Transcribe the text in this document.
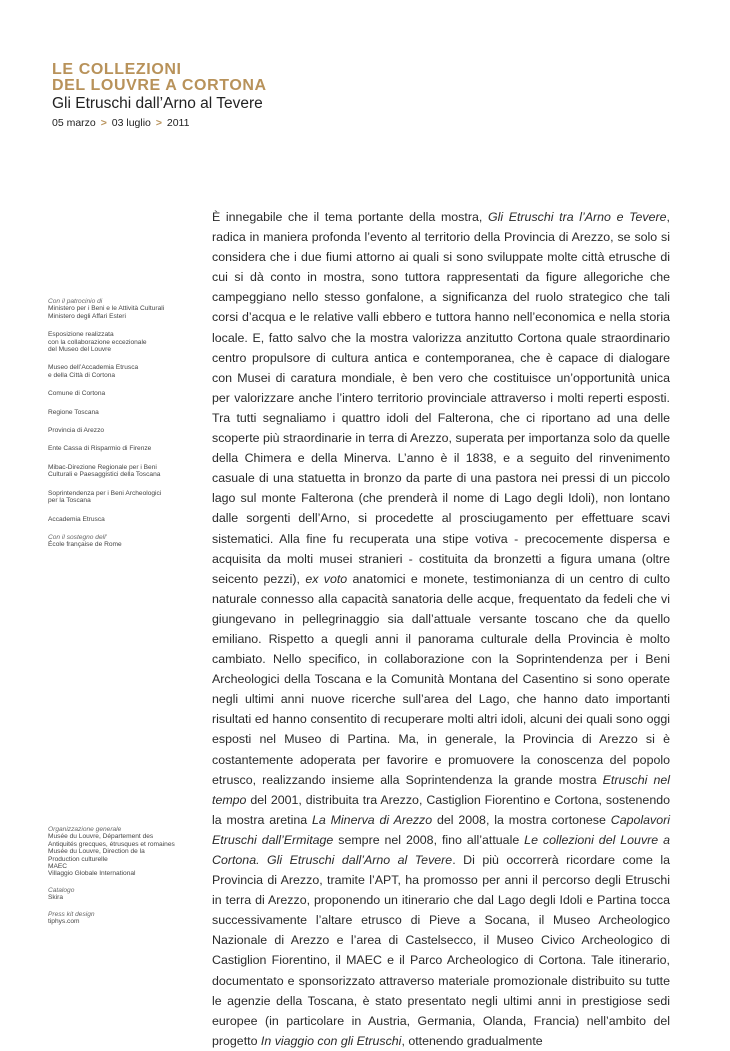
LE COLLEZIONI
DEL LOUVRE A CORTONA
Gli Etruschi dall’Arno al Tevere
05 marzo > 03 luglio > 2011
Con il patrocinio di
Ministero per i Beni e le Attività Culturali
Ministero degli Affari Esteri
Esposizione realizzata
con la collaborazione eccezionale
del Museo del Louvre
Museo dell’Accademia Etrusca
e della Città di Cortona
Comune di Cortona
Regione Toscana
Provincia di Arezzo
Ente Cassa di Risparmio di Firenze
Mibac-Direzione Regionale per i Beni
Culturali e Paesaggistici della Toscana
Soprintendenza per i Beni Archeologici
per la Toscana
Accademia Etrusca
Con il sostegno dell’
École française de Rome
Organizzazione generale
Musée du Louvre, Département des
Antiquités grecques, étrusques et romaines
Musée du Louvre, Direction de la
Production culturelle
MAEC
Villaggio Globale International
Catalogo
Skira
Press kit design
tiphys.com

È innegabile che il tema portante della mostra, Gli Etruschi tra l’Arno e Tevere, radica in maniera profonda l’evento al territorio della Provincia di Arezzo, se solo si considera che i due fiumi attorno ai quali si sono sviluppate molte città etrusche di cui si dà conto in mostra, sono tuttora rappresentati da figure allegoriche che campeggiano nello stesso gonfalone, a significanza del ruolo strategico che tali corsi d’acqua e le relative valli ebbero e tuttora hanno nell’economica e nella storia locale. E, fatto salvo che la mostra valorizza anzitutto Cortona quale straordinario centro propulsore di cultura antica e contemporanea, che è capace di dialogare con Musei di caratura mondiale, è ben vero che costituisce un’opportunità unica per valorizzare anche l’intero territorio provinciale attraverso i molti reperti esposti. Tra tutti segnaliamo i quattro idoli del Falterona, che ci riportano ad una delle scoperte più straordinarie in terra di Arezzo, superata per importanza solo da quelle della Chimera e della Minerva. L’anno è il 1838, e a seguito del rinvenimento casuale di una statuetta in bronzo da parte di una pastora nei pressi di un piccolo lago sul monte Falterona (che prenderà il nome di Lago degli Idoli), non lontano dalle sorgenti dell’Arno, si procedette al prosciugamento per effettuare scavi sistematici. Alla fine fu recuperata una stipe votiva - precocemente dispersa e acquisita da molti musei stranieri - costituita da bronzetti a figura umana (oltre seicento pezzi), ex voto anatomici e monete, testimonianza di un centro di culto naturale connesso alla capacità sanatoria delle acque, frequentato da fedeli che vi giungevano in pellegrinaggio sia dall’attuale versante toscano che da quello emiliano. Rispetto a quegli anni il panorama culturale della Provincia è molto cambiato. Nello specifico, in collaborazione con la Soprintendenza per i Beni Archeologici della Toscana e la Comunità Montana del Casentino si sono operate negli ultimi anni nuove ricerche sull’area del Lago, che hanno dato importanti risultati ed hanno consentito di recuperare molti altri idoli, alcuni dei quali sono oggi esposti nel Museo di Partina. Ma, in generale, la Provincia di Arezzo si è costantemente adoperata per favorire e promuovere la conoscenza del popolo etrusco, realizzando insieme alla Soprintendenza la grande mostra Etruschi nel tempo del 2001, distribuita tra Arezzo, Castiglion Fiorentino e Cortona, sostenendo la mostra aretina La Minerva di Arezzo del 2008, la mostra cortonese Capolavori Etruschi dall’Ermitage sempre nel 2008, fino all’attuale Le collezioni del Louvre a Cortona. Gli Etruschi dall’Arno al Tevere. Di più occorrerà ricordare come la Provincia di Arezzo, tramite l’APT, ha promosso per anni il percorso degli Etruschi in terra di Arezzo, proponendo un itinerario che dal Lago degli Idoli e Partina tocca successivamente l’altare etrusco di Pieve a Socana, il Museo Archeologico Nazionale di Arezzo e l’area di Castelsecco, il Museo Civico Archeologico di Castiglion Fiorentino, il MAEC e il Parco Archeologico di Cortona. Tale itinerario, documentato e sponsorizzato attraverso materiale promozionale distribuito su tutte le agenzie della Toscana, è stato presentato negli ultimi anni in prestigiose sedi europee (in particolare in Austria, Germania, Olanda, Francia) nell’ambito del progetto In viaggio con gli Etruschi, ottenendo gradualmente
